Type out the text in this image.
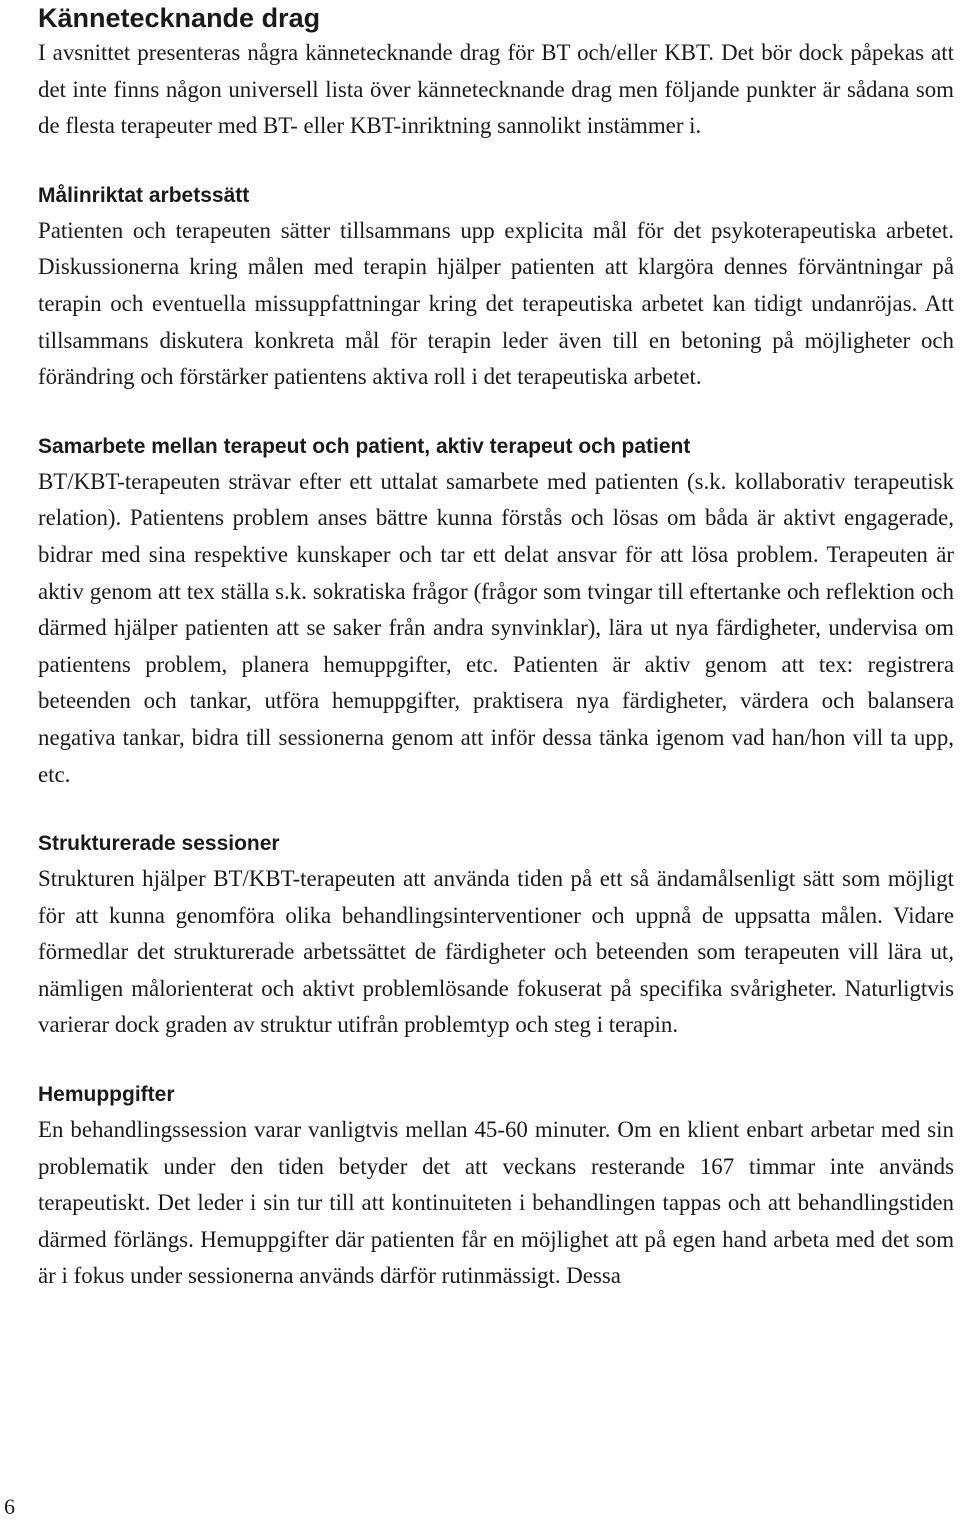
Kännetecknande drag

I avsnittet presenteras några kännetecknande drag för BT och/eller KBT. Det bör dock påpekas att det inte finns någon universell lista över kännetecknande drag men följande punkter är sådana som de flesta terapeuter med BT- eller KBT-inriktning sannolikt instämmer i.

Målinriktat arbetssätt

Patienten och terapeuten sätter tillsammans upp explicita mål för det psykoterapeutiska arbetet. Diskussionerna kring målen med terapin hjälper patienten att klargöra dennes förväntningar på terapin och eventuella missuppfattningar kring det terapeutiska arbetet kan tidigt undanröjas. Att tillsammans diskutera konkreta mål för terapin leder även till en betoning på möjligheter och förändring och förstärker patientens aktiva roll i det terapeutiska arbetet.

Samarbete mellan terapeut och patient, aktiv terapeut och patient

BT/KBT-terapeuten strävar efter ett uttalat samarbete med patienten (s.k. kollaborativ terapeutisk relation). Patientens problem anses bättre kunna förstås och lösas om båda är aktivt engagerade, bidrar med sina respektive kunskaper och tar ett delat ansvar för att lösa problem. Terapeuten är aktiv genom att tex ställa s.k. sokratiska frågor (frågor som tvingar till eftertanke och reflektion och därmed hjälper patienten att se saker från andra synvinklar), lära ut nya färdigheter, undervisa om patientens problem, planera hemuppgifter, etc. Patienten är aktiv genom att tex: registrera beteenden och tankar, utföra hemuppgifter, praktisera nya färdigheter, värdera och balansera negativa tankar, bidra till sessionerna genom att inför dessa tänka igenom vad han/hon vill ta upp, etc.

Strukturerade sessioner

Strukturen hjälper BT/KBT-terapeuten att använda tiden på ett så ändamålsenligt sätt som möjligt för att kunna genomföra olika behandlingsinterventioner och uppnå de uppsatta målen. Vidare förmedlar det strukturerade arbetssättet de färdigheter och beteenden som terapeuten vill lära ut, nämligen målorienterat och aktivt problemlösande fokuserat på specifika svårigheter. Naturligtvis varierar dock graden av struktur utifrån problemtyp och steg i terapin.

Hemuppgifter

En behandlingssession varar vanligtvis mellan 45-60 minuter. Om en klient enbart arbetar med sin problematik under den tiden betyder det att veckans resterande 167 timmar inte används terapeutiskt. Det leder i sin tur till att kontinuiteten i behandlingen tappas och att behandlingstiden därmed förlängs. Hemuppgifter där patienten får en möjlighet att på egen hand arbeta med det som är i fokus under sessionerna används därför rutinmässigt. Dessa

6
